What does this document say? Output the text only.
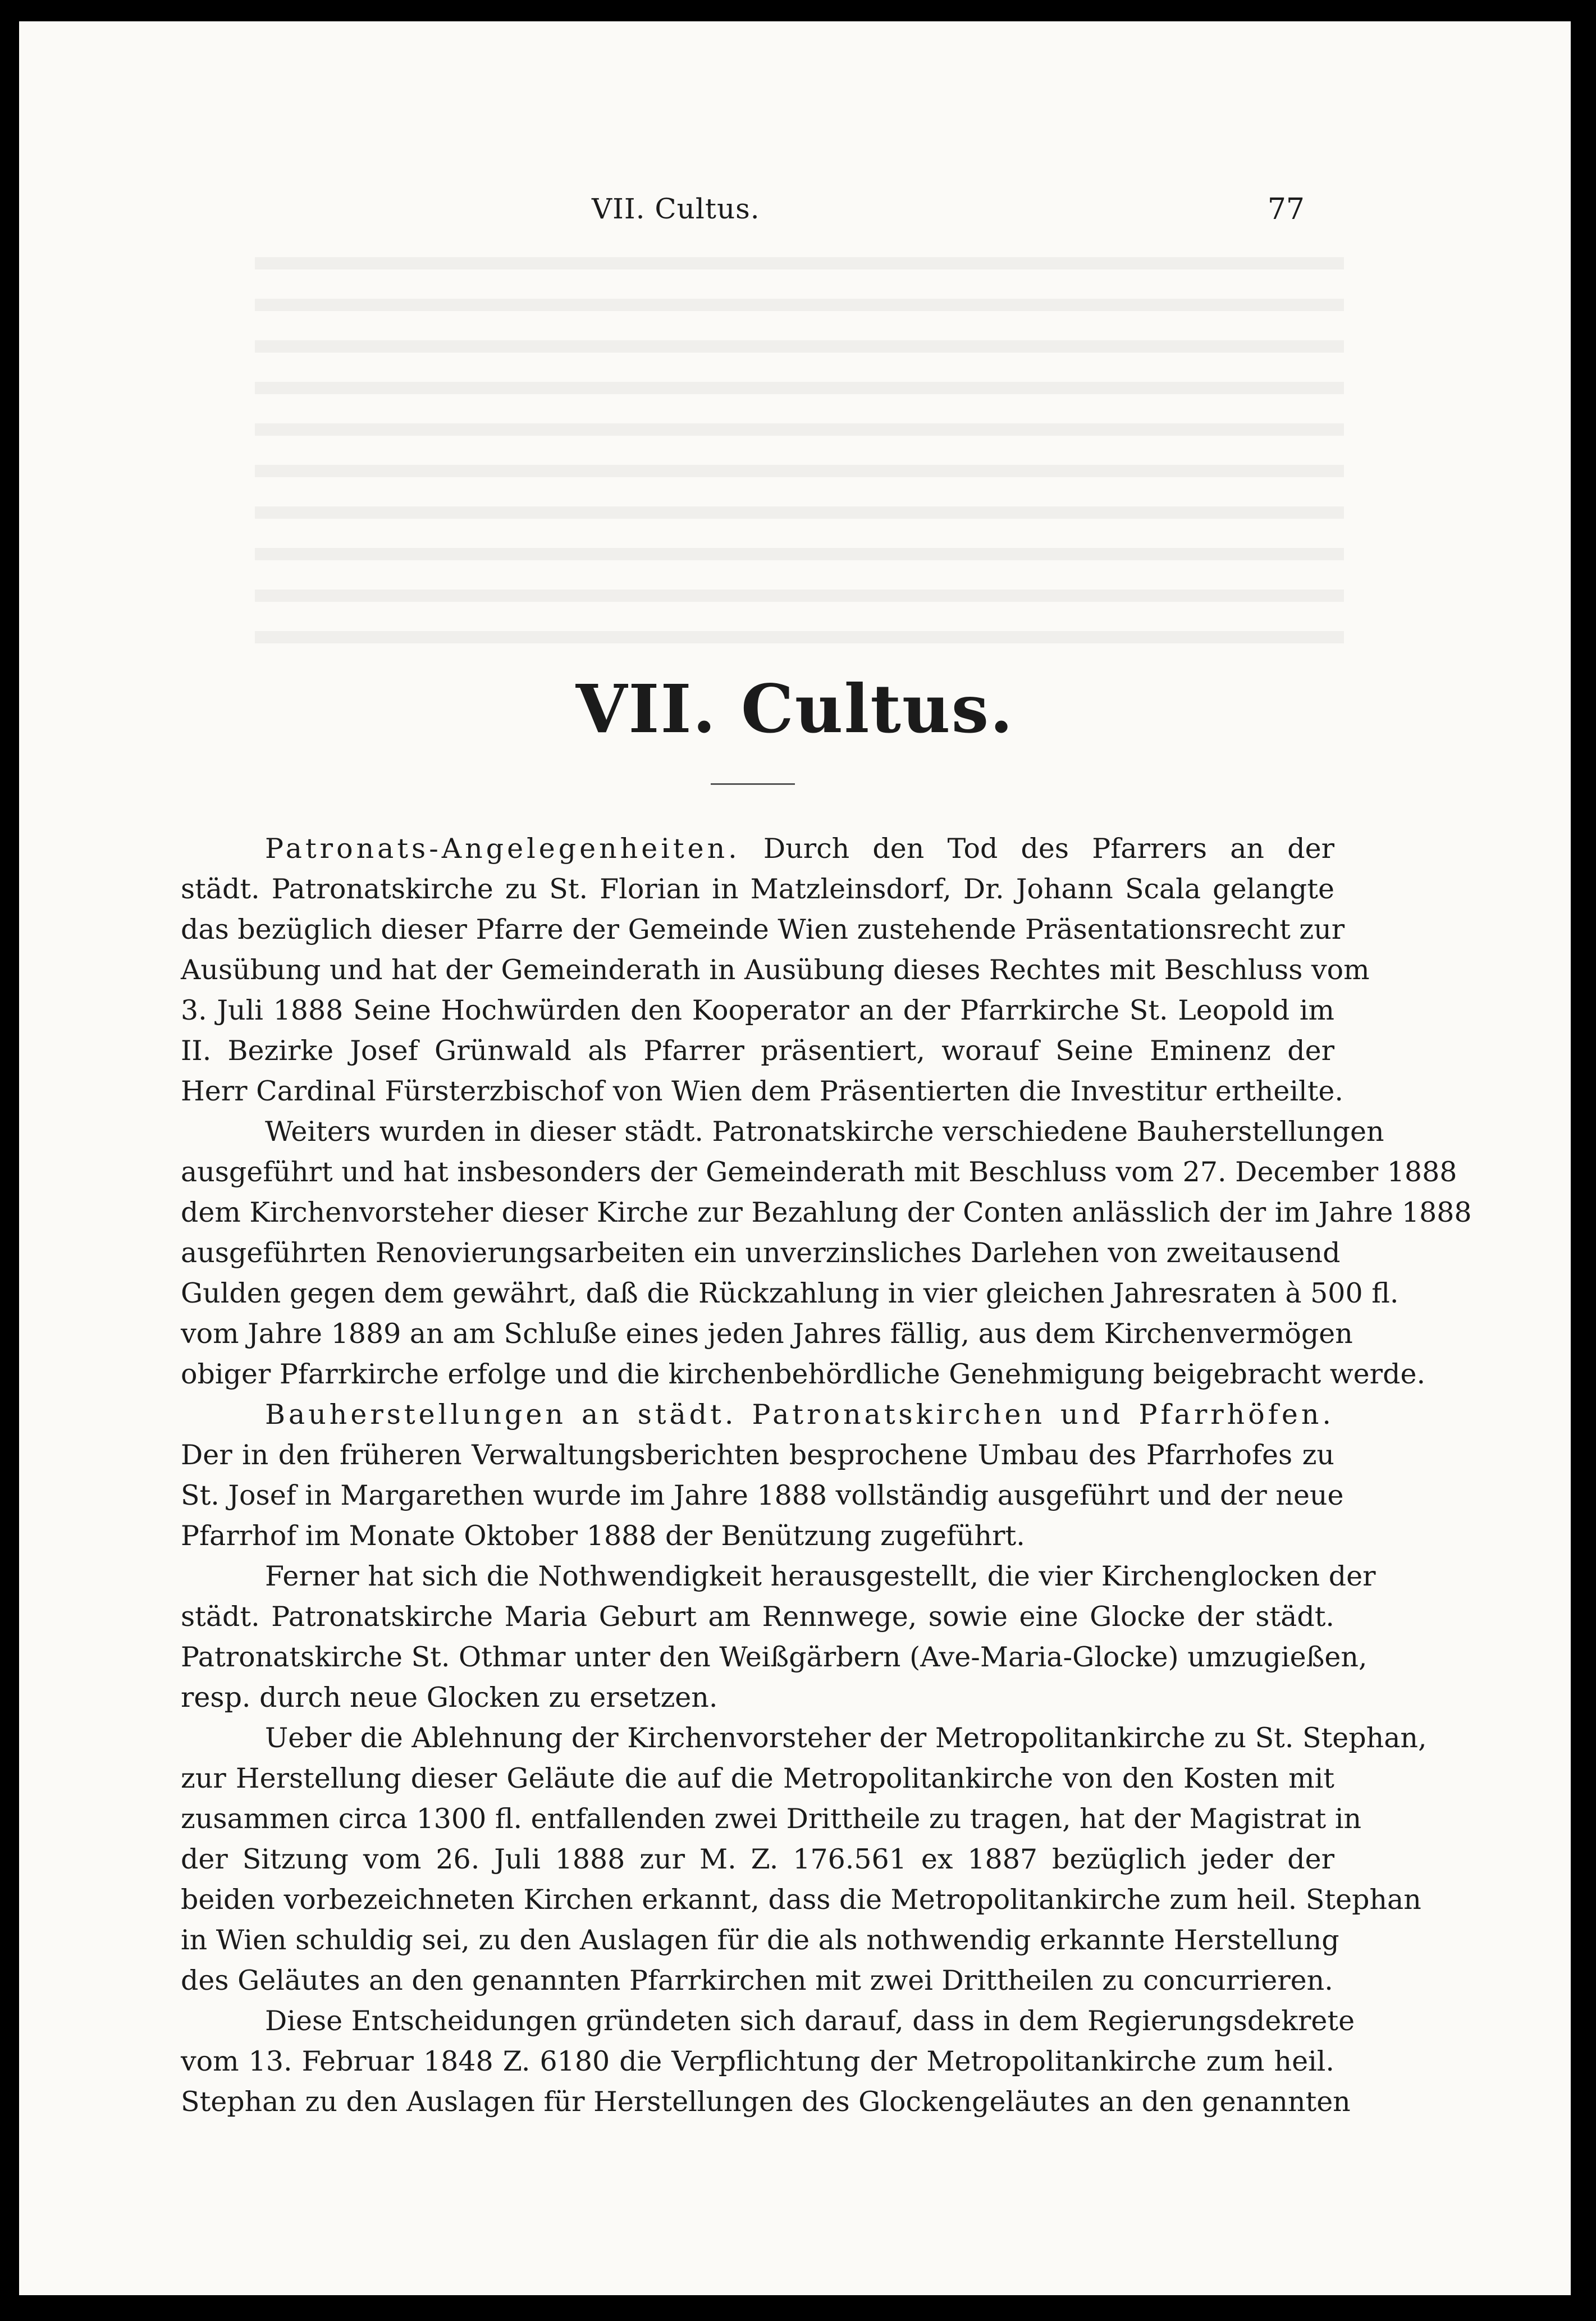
VII. Cultus.	77
VII. Cultus.
Patronats-Angelegenheiten. Durch den Tod des Pfarrers an der
städt. Patronatskirche zu St. Florian in Matzleinsdorf, Dr. Johann Scala gelangte
das bezüglich dieser Pfarre der Gemeinde Wien zustehende Präsentationsrecht zur
Ausübung und hat der Gemeinderath in Ausübung dieses Rechtes mit Beschluss vom
3. Juli 1888 Seine Hochwürden den Kooperator an der Pfarrkirche St. Leopold im
II. Bezirke Josef Grünwald als Pfarrer präsentiert, worauf Seine Eminenz der
Herr Cardinal Fürsterzbischof von Wien dem Präsentierten die Investitur ertheilte.
Weiters wurden in dieser städt. Patronatskirche verschiedene Bauherstellungen
ausgeführt und hat insbesonders der Gemeinderath mit Beschluss vom 27. December 1888
dem Kirchenvorsteher dieser Kirche zur Bezahlung der Conten anlässlich der im Jahre 1888
ausgeführten Renovierungsarbeiten ein unverzinsliches Darlehen von zweitausend
Gulden gegen dem gewährt, daß die Rückzahlung in vier gleichen Jahresraten à 500 fl.
vom Jahre 1889 an am Schluße eines jeden Jahres fällig, aus dem Kirchenvermögen
obiger Pfarrkirche erfolge und die kirchenbehördliche Genehmigung beigebracht werde.
Bauherstellungen an städt. Patronatskirchen und Pfarrhöfen.
Der in den früheren Verwaltungsberichten besprochene Umbau des Pfarrhofes zu
St. Josef in Margarethen wurde im Jahre 1888 vollständig ausgeführt und der neue
Pfarrhof im Monate Oktober 1888 der Benützung zugeführt.
Ferner hat sich die Nothwendigkeit herausgestellt, die vier Kirchenglocken der
städt. Patronatskirche Maria Geburt am Rennwege, sowie eine Glocke der städt.
Patronatskirche St. Othmar unter den Weißgärbern (Ave-Maria-Glocke) umzugießen,
resp. durch neue Glocken zu ersetzen.
Ueber die Ablehnung der Kirchenvorsteher der Metropolitankirche zu St. Stephan,
zur Herstellung dieser Geläute die auf die Metropolitankirche von den Kosten mit
zusammen circa 1300 fl. entfallenden zwei Drittheile zu tragen, hat der Magistrat in
der Sitzung vom 26. Juli 1888 zur M. Z. 176.561 ex 1887 bezüglich jeder der
beiden vorbezeichneten Kirchen erkannt, dass die Metropolitankirche zum heil. Stephan
in Wien schuldig sei, zu den Auslagen für die als nothwendig erkannte Herstellung
des Geläutes an den genannten Pfarrkirchen mit zwei Drittheilen zu concurrieren.
Diese Entscheidungen gründeten sich darauf, dass in dem Regierungsdekrete
vom 13. Februar 1848 Z. 6180 die Verpflichtung der Metropolitankirche zum heil.
Stephan zu den Auslagen für Herstellungen des Glockengeläutes an den genannten
